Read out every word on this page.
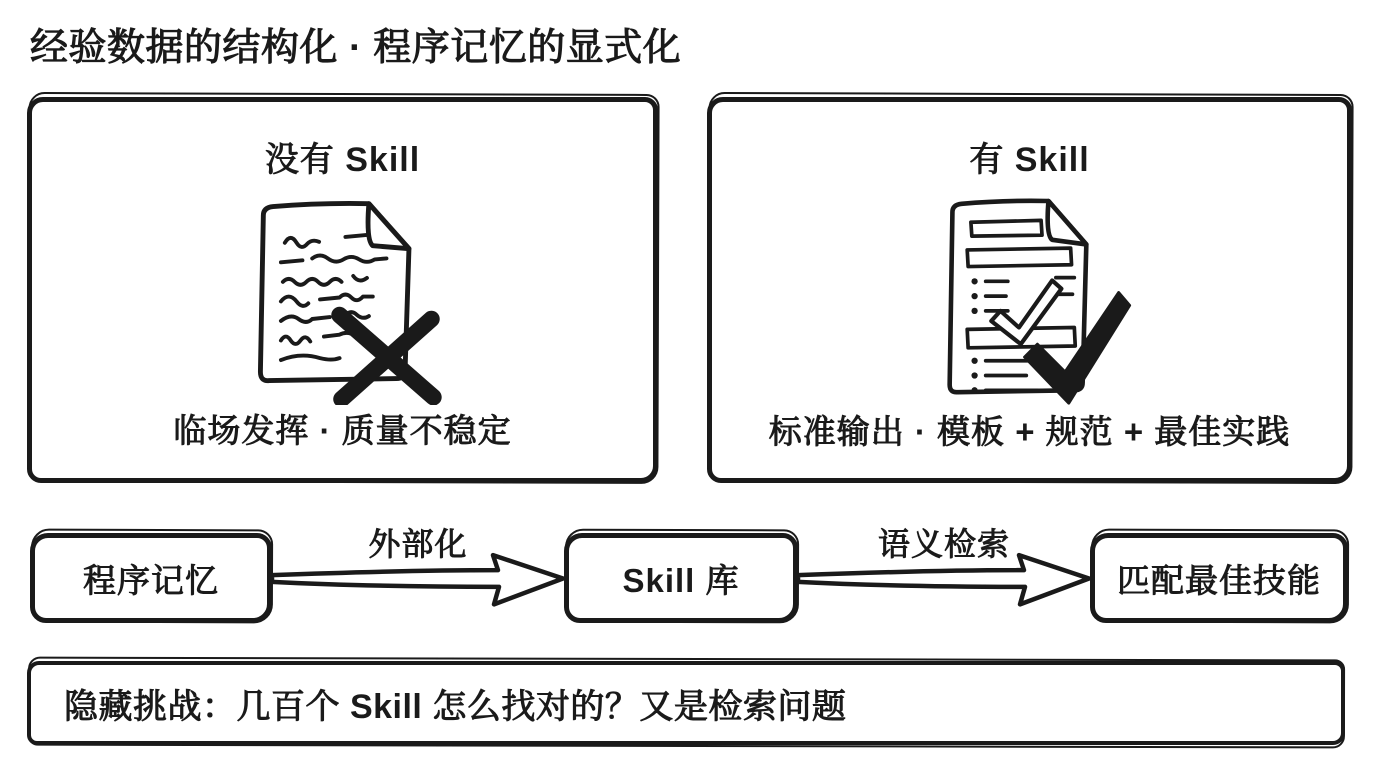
经验数据的结构化 · 程序记忆的显式化
没有 Skill
临场发挥 · 质量不稳定
有 Skill
标准输出 · 模板 + 规范 + 最佳实践
程序记忆
外部化
Skill 库
语义检索
匹配最佳技能
隐藏挑战：几百个 Skill 怎么找对的？又是检索问题
